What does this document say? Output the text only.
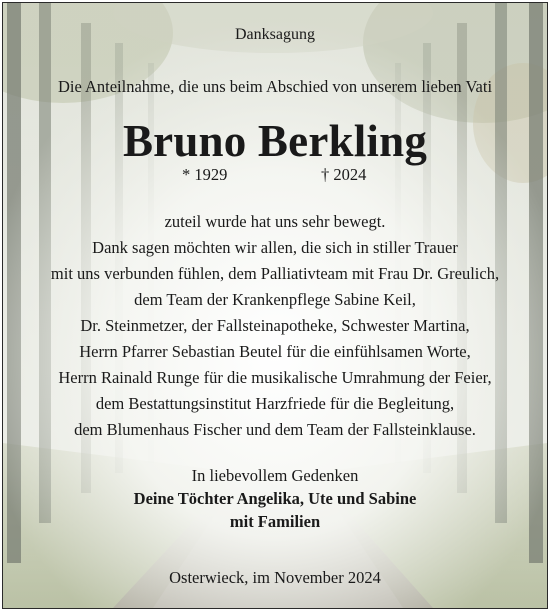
Danksagung
Die Anteilnahme, die uns beim Abschied von unserem lieben Vati
Bruno Berkling
* 1929	† 2024
zuteil wurde hat uns sehr bewegt.
Dank sagen möchten wir allen, die sich in stiller Trauer
mit uns verbunden fühlen, dem Palliativteam mit Frau Dr. Greulich,
dem Team der Krankenpflege Sabine Keil,
Dr. Steinmetzer, der Fallsteinapotheke, Schwester Martina,
Herrn Pfarrer Sebastian Beutel für die einfühlsamen Worte,
Herrn Rainald Runge für die musikalische Umrahmung der Feier,
dem Bestattungsinstitut Harzfriede für die Begleitung,
dem Blumenhaus Fischer und dem Team der Fallsteinklause.
In liebevollem Gedenken
Deine Töchter Angelika, Ute und Sabine
mit Familien
Osterwieck, im November 2024
